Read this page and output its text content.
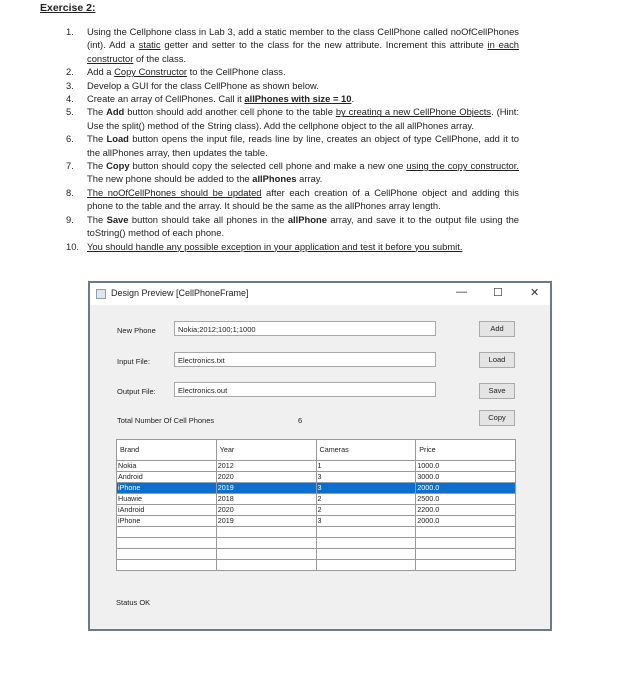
Exercise 2:
1. Using the Cellphone class in Lab 3, add a static member to the class CellPhone called noOfCellPhones (int). Add a static getter and setter to the class for the new attribute. Increment this attribute in each constructor of the class.
2. Add a Copy Constructor to the CellPhone class.
3. Develop a GUI for the class CellPhone as shown below.
4. Create an array of CellPhones. Call it allPhones with size = 10.
5. The Add button should add another cell phone to the table by creating a new CellPhone Objects. (Hint: Use the split() method of the String class). Add the cellphone object to the all allPhones array.
6. The Load button opens the input file, reads line by line, creates an object of type CellPhone, add it to the allPhones array, then updates the table.
7. The Copy button should copy the selected cell phone and make a new one using the copy constructor. The new phone should be added to the allPhones array.
8. The noOfCellPhones should be updated after each creation of a CellPhone object and adding this phone to the table and the array. It should be the same as the allPhones array length.
9. The Save button should take all phones in the allPhone array, and save it to the output file using the toString() method of each phone.
10. You should handle any possible exception in your application and test it before you submit.
Design Preview [CellPhoneFrame]	— ☐ ✕
New Phone	Nokia;2012;100;1;1000	Add
Input File:	Electronics.txt	Load
Output File:	Electronics.out	Save
Total Number Of Cell Phones	6	Copy
Brand	Year	Cameras	Price
Nokia	2012	1	1000.0
Android	2020	3	3000.0
iPhone	2019	3	2000.0
Huawie	2018	2	2500.0
iAndroid	2020	2	2200.0
iPhone	2019	3	2000.0

Status OK
